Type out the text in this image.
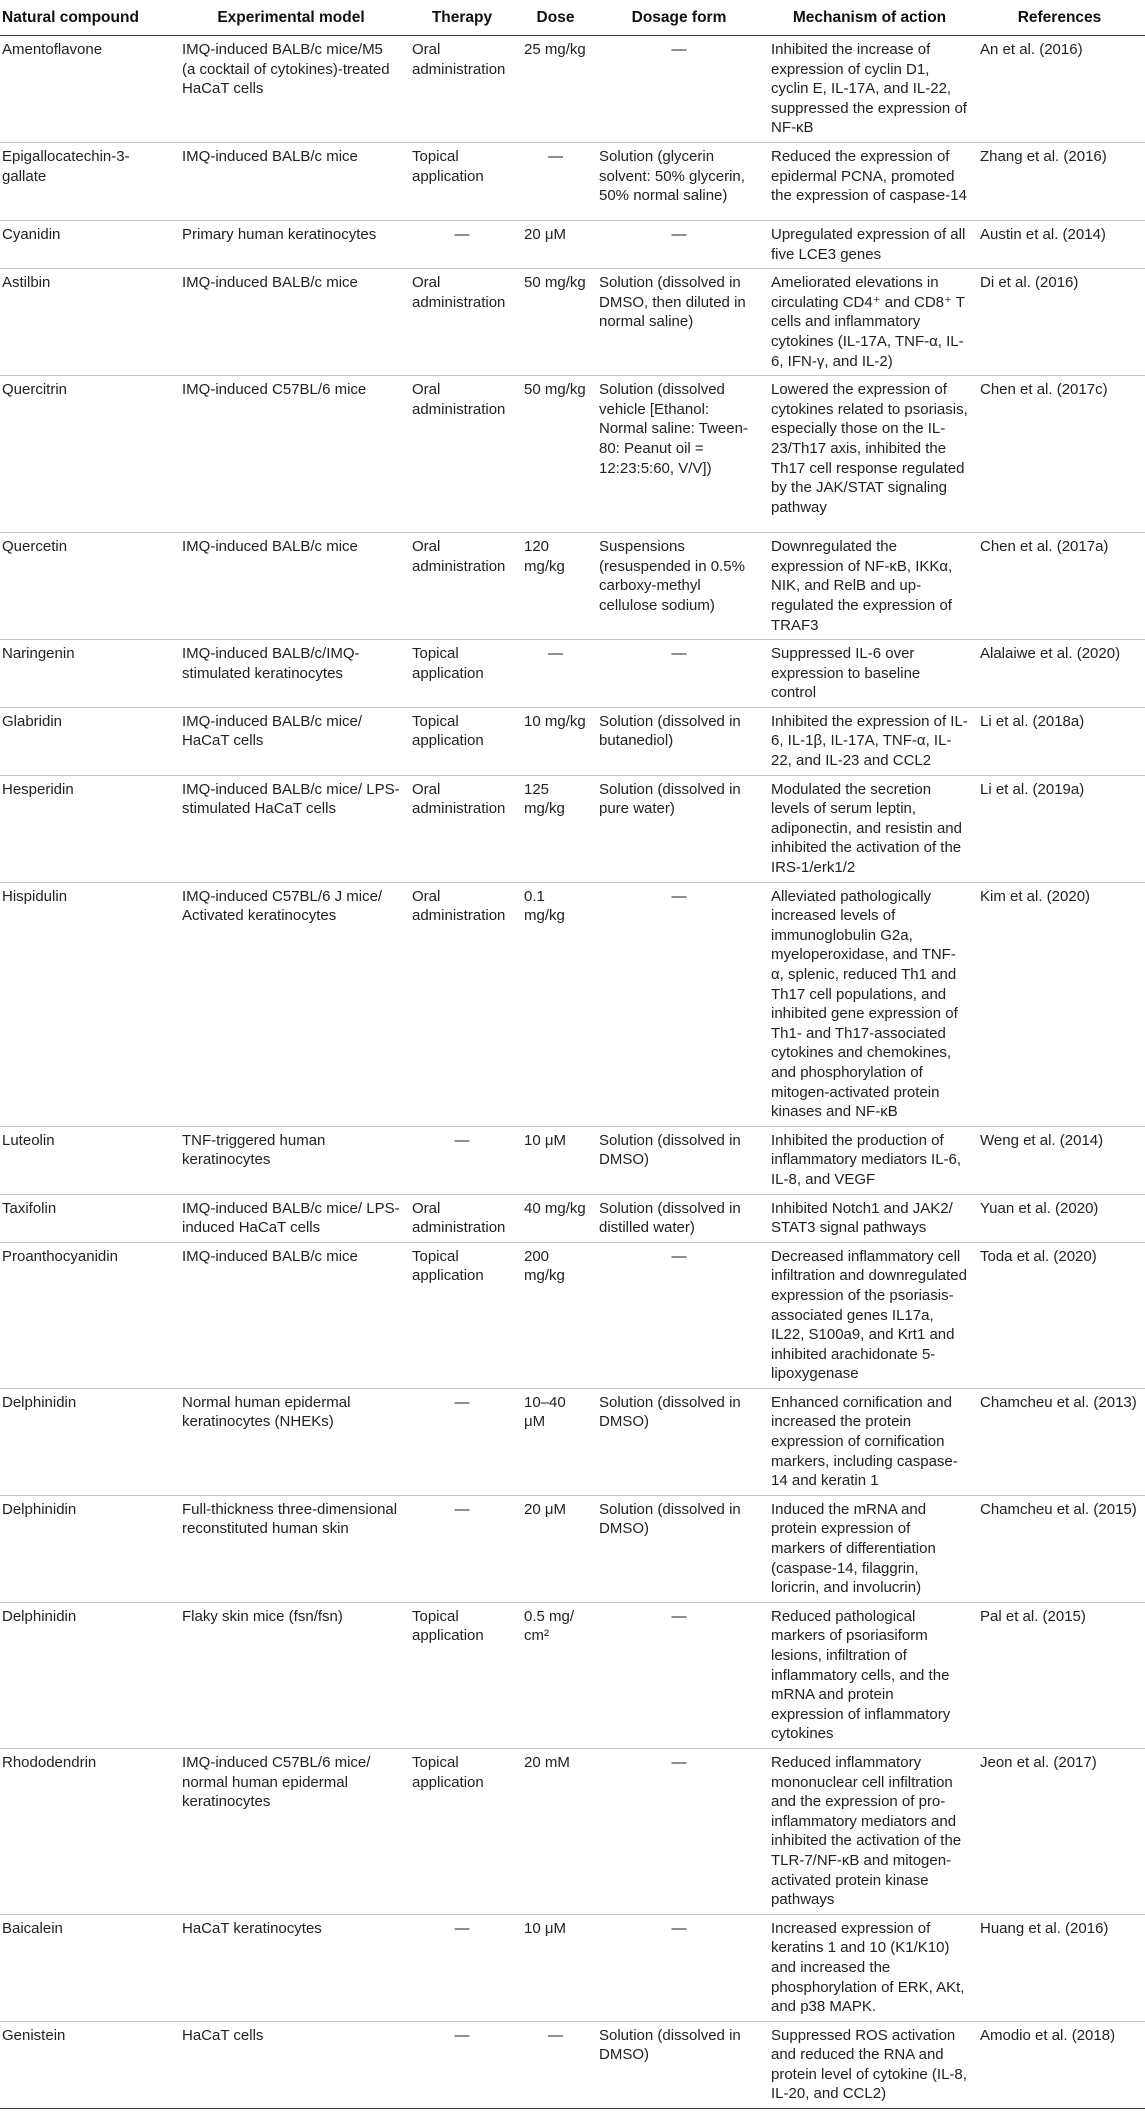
Natural compound	Experimental model	Therapy	Dose	Dosage form	Mechanism of action	References
Amentoflavone	IMQ-induced BALB/c mice/M5 (a cocktail of cytokines)-treated HaCaT cells	Oral administration	25 mg/kg	—	Inhibited the increase of expression of cyclin D1, cyclin E, IL-17A, and IL-22, suppressed the expression of NF-κB	An et al. (2016)
Epigallocatechin-3-gallate	IMQ-induced BALB/c mice	Topical application	—	Solution (glycerin solvent: 50% glycerin, 50% normal saline)	Reduced the expression of epidermal PCNA, promoted the expression of caspase-14	Zhang et al. (2016)
Cyanidin	Primary human keratinocytes	—	20 μM	—	Upregulated expression of all five LCE3 genes	Austin et al. (2014)
Astilbin	IMQ-induced BALB/c mice	Oral administration	50 mg/kg	Solution (dissolved in DMSO, then diluted in normal saline)	Ameliorated elevations in circulating CD4⁺ and CD8⁺ T cells and inflammatory cytokines (IL-17A, TNF-α, IL-6, IFN-γ, and IL-2)	Di et al. (2016)
Quercitrin	IMQ-induced C57BL/6 mice	Oral administration	50 mg/kg	Solution (dissolved vehicle [Ethanol: Normal saline: Tween-80: Peanut oil = 12:23:5:60, V/V])	Lowered the expression of cytokines related to psoriasis, especially those on the IL-23/Th17 axis, inhibited the Th17 cell response regulated by the JAK/STAT signaling pathway	Chen et al. (2017c)
Quercetin	IMQ-induced BALB/c mice	Oral administration	120 mg/kg	Suspensions (resuspended in 0.5% carboxy-methyl cellulose sodium)	Downregulated the expression of NF-κB, IKKα, NIK, and RelB and up-regulated the expression of TRAF3	Chen et al. (2017a)
Naringenin	IMQ-induced BALB/c/IMQ-stimulated keratinocytes	Topical application	—	—	Suppressed IL-6 over expression to baseline control	Alalaiwe et al. (2020)
Glabridin	IMQ-induced BALB/c mice/ HaCaT cells	Topical application	10 mg/kg	Solution (dissolved in butanediol)	Inhibited the expression of IL-6, IL-1β, IL-17A, TNF-α, IL-22, and IL-23 and CCL2	Li et al. (2018a)
Hesperidin	IMQ-induced BALB/c mice/ LPS-stimulated HaCaT cells	Oral administration	125 mg/kg	Solution (dissolved in pure water)	Modulated the secretion levels of serum leptin, adiponectin, and resistin and inhibited the activation of the IRS-1/erk1/2	Li et al. (2019a)
Hispidulin	IMQ-induced C57BL/6 J mice/ Activated keratinocytes	Oral administration	0.1 mg/kg	—	Alleviated pathologically increased levels of immunoglobulin G2a, myeloperoxidase, and TNF-α, splenic, reduced Th1 and Th17 cell populations, and inhibited gene expression of Th1- and Th17-associated cytokines and chemokines, and phosphorylation of mitogen-activated protein kinases and NF-κB	Kim et al. (2020)
Luteolin	TNF-triggered human keratinocytes	—	10 μM	Solution (dissolved in DMSO)	Inhibited the production of inflammatory mediators IL-6, IL-8, and VEGF	Weng et al. (2014)
Taxifolin	IMQ-induced BALB/c mice/ LPS-induced HaCaT cells	Oral administration	40 mg/kg	Solution (dissolved in distilled water)	Inhibited Notch1 and JAK2/ STAT3 signal pathways	Yuan et al. (2020)
Proanthocyanidin	IMQ-induced BALB/c mice	Topical application	200 mg/kg	—	Decreased inflammatory cell infiltration and downregulated expression of the psoriasis-associated genes IL17a, IL22, S100a9, and Krt1 and inhibited arachidonate 5-lipoxygenase	Toda et al. (2020)
Delphinidin	Normal human epidermal keratinocytes (NHEKs)	—	10–40 μM	Solution (dissolved in DMSO)	Enhanced cornification and increased the protein expression of cornification markers, including caspase-14 and keratin 1	Chamcheu et al. (2013)
Delphinidin	Full-thickness three-dimensional reconstituted human skin	—	20 μM	Solution (dissolved in DMSO)	Induced the mRNA and protein expression of markers of differentiation (caspase-14, filaggrin, loricrin, and involucrin)	Chamcheu et al. (2015)
Delphinidin	Flaky skin mice (fsn/fsn)	Topical application	0.5 mg/ cm²	—	Reduced pathological markers of psoriasiform lesions, infiltration of inflammatory cells, and the mRNA and protein expression of inflammatory cytokines	Pal et al. (2015)
Rhododendrin	IMQ-induced C57BL/6 mice/ normal human epidermal keratinocytes	Topical application	20 mM	—	Reduced inflammatory mononuclear cell infiltration and the expression of pro-inflammatory mediators and inhibited the activation of the TLR-7/NF-κB and mitogen-activated protein kinase pathways	Jeon et al. (2017)
Baicalein	HaCaT keratinocytes	—	10 μM	—	Increased expression of keratins 1 and 10 (K1/K10) and increased the phosphorylation of ERK, AKt, and p38 MAPK.	Huang et al. (2016)
Genistein	HaCaT cells	—	—	Solution (dissolved in DMSO)	Suppressed ROS activation and reduced the RNA and protein level of cytokine (IL-8, IL-20, and CCL2)	Amodio et al. (2018)
